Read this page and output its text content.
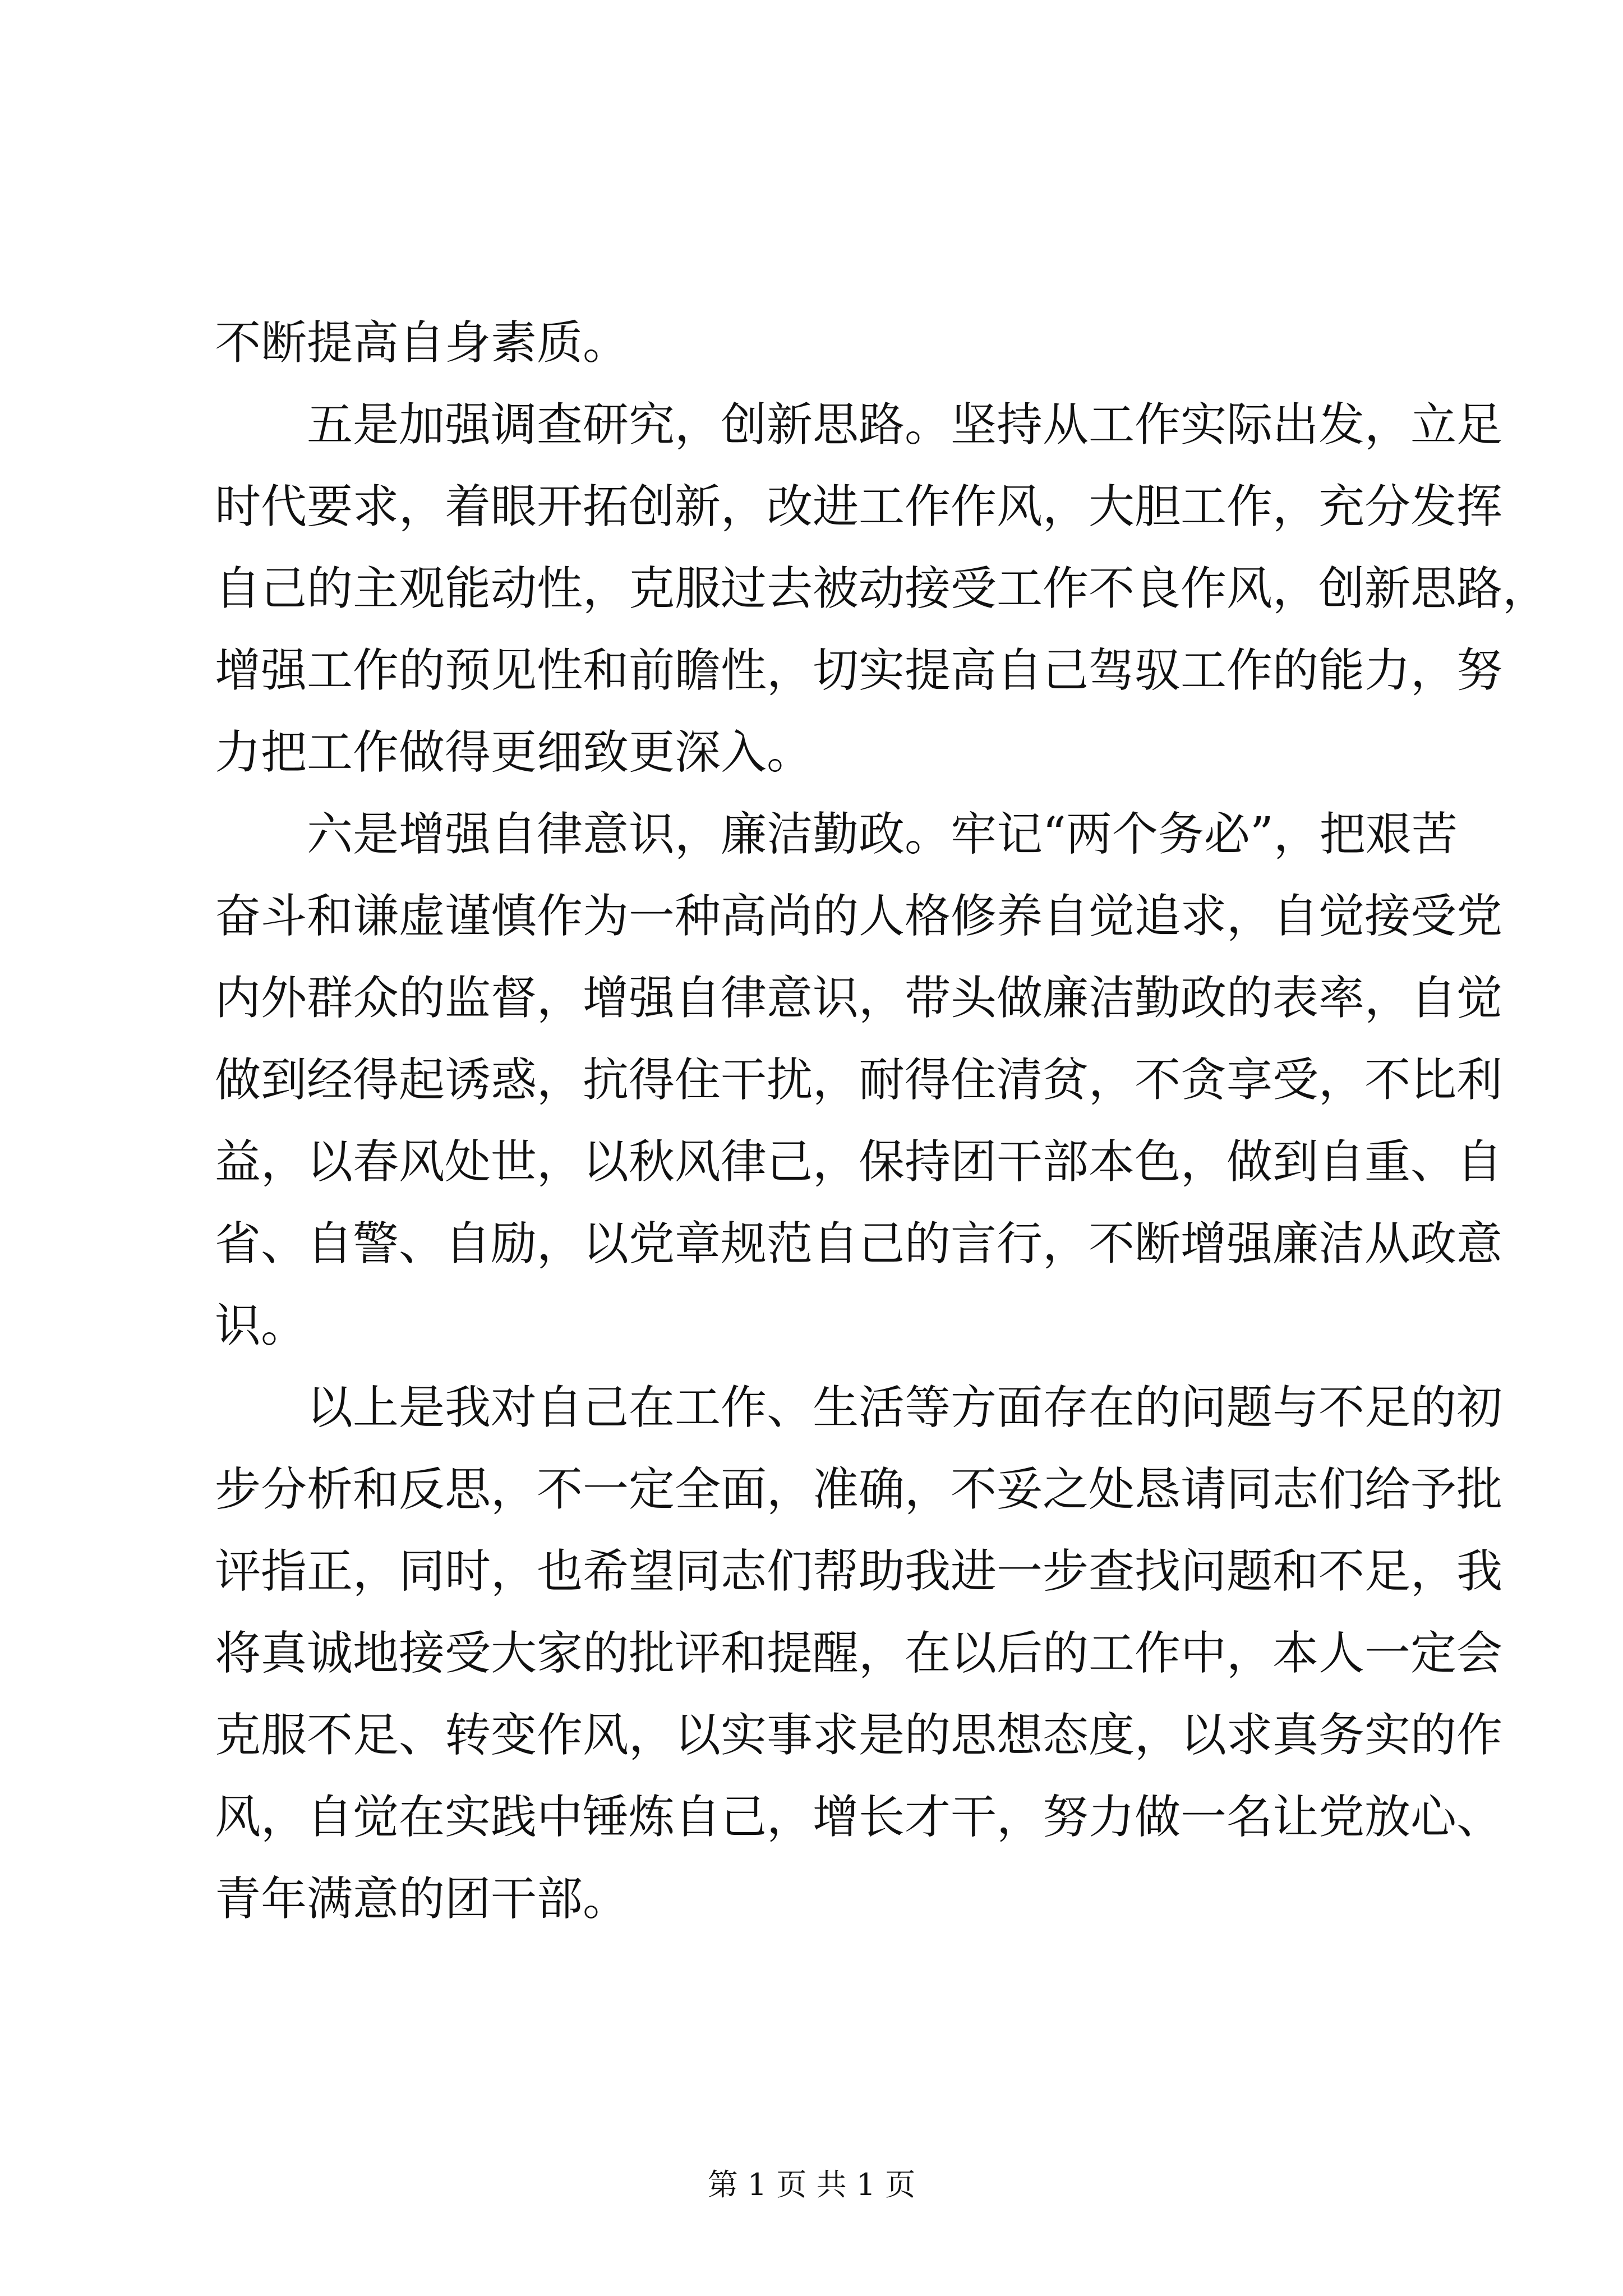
不断提高自身素质。
五是加强调查研究，创新思路。坚持从工作实际出发，立足
时代要求，着眼开拓创新，改进工作作风，大胆工作，充分发挥
自己的主观能动性，克服过去被动接受工作不良作风，创新思路，
增强工作的预见性和前瞻性，切实提高自己驾驭工作的能力，努
力把工作做得更细致更深入。
六是增强自律意识，廉洁勤政。牢记“两个务必”，把艰苦
奋斗和谦虚谨慎作为一种高尚的人格修养自觉追求，自觉接受党
内外群众的监督，增强自律意识，带头做廉洁勤政的表率，自觉
做到经得起诱惑，抗得住干扰，耐得住清贫，不贪享受，不比利
益，以春风处世，以秋风律己，保持团干部本色，做到自重、自
省、自警、自励，以党章规范自己的言行，不断增强廉洁从政意
识。
以上是我对自己在工作、生活等方面存在的问题与不足的初
步分析和反思，不一定全面，准确，不妥之处恳请同志们给予批
评指正，同时，也希望同志们帮助我进一步查找问题和不足，我
将真诚地接受大家的批评和提醒，在以后的工作中，本人一定会
克服不足、转变作风，以实事求是的思想态度，以求真务实的作
风，自觉在实践中锤炼自己，增长才干，努力做一名让党放心、
青年满意的团干部。
第 1 页 共 1 页
